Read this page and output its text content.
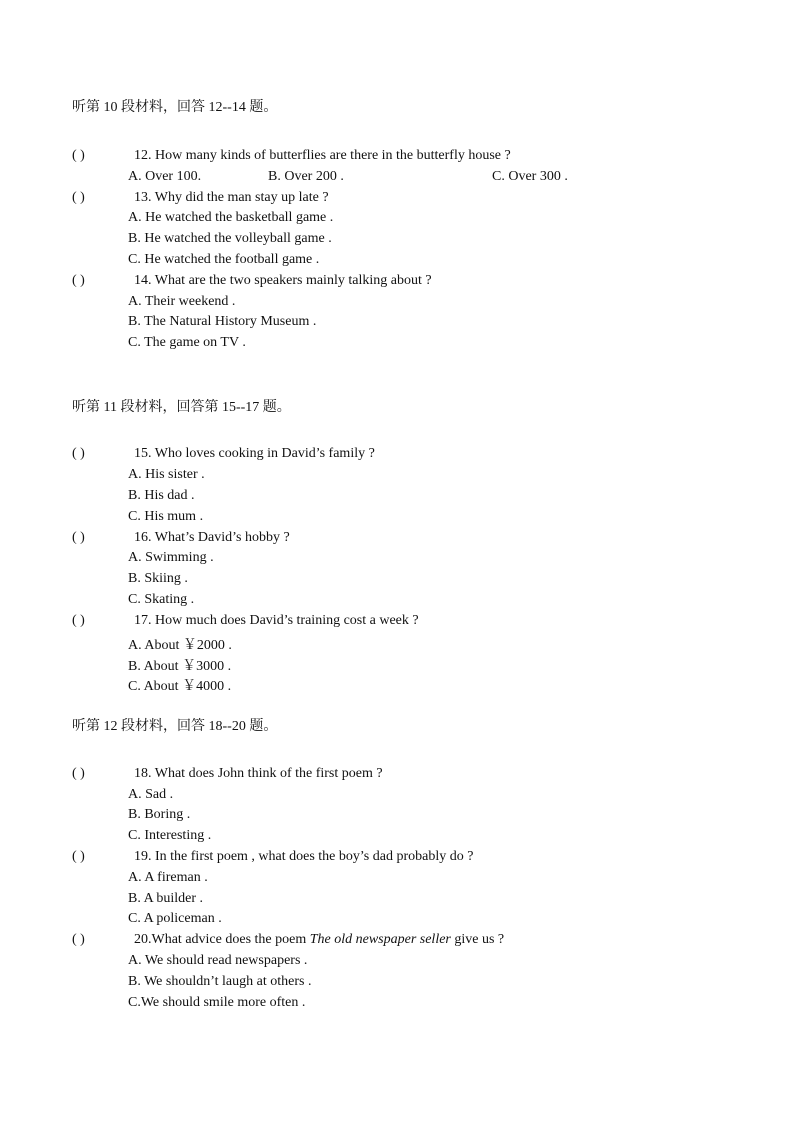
听第 10 段材料，回答 12--14 题。
( )	12. How many kinds of butterflies are there in the butterfly house ?
A. Over 100.	B. Over 200 .	C. Over 300 .
( )	13. Why did the man stay up late ?
A. He watched the basketball game .
B. He watched the volleyball game .
C. He watched the football game .
( )	14. What are the two speakers mainly talking about ?
A. Their weekend .
B. The Natural History Museum .
C. The game on TV .
听第 11 段材料，回答第 15--17 题。
( )	15. Who loves cooking in David’s family ?
A. His sister .
B. His dad .
C. His mum .
( )	16. What’s David’s hobby ?
A. Swimming .
B. Skiing .
C. Skating .
( )	17. How much does David’s training cost a week ?
A. About ￥2000 .
B. About ￥3000 .
C. About ￥4000 .
听第 12 段材料，回答 18--20 题。
( )	18. What does John think of the first poem ?
A. Sad .
B. Boring .
C. Interesting .
( )	19. In the first poem , what does the boy’s dad probably do ?
A. A fireman .
B. A builder .
C. A policeman .
( )	20.What advice does the poem The old newspaper seller give us ?
A. We should read newspapers .
B. We shouldn’t laugh at others .
C.We should smile more often .
